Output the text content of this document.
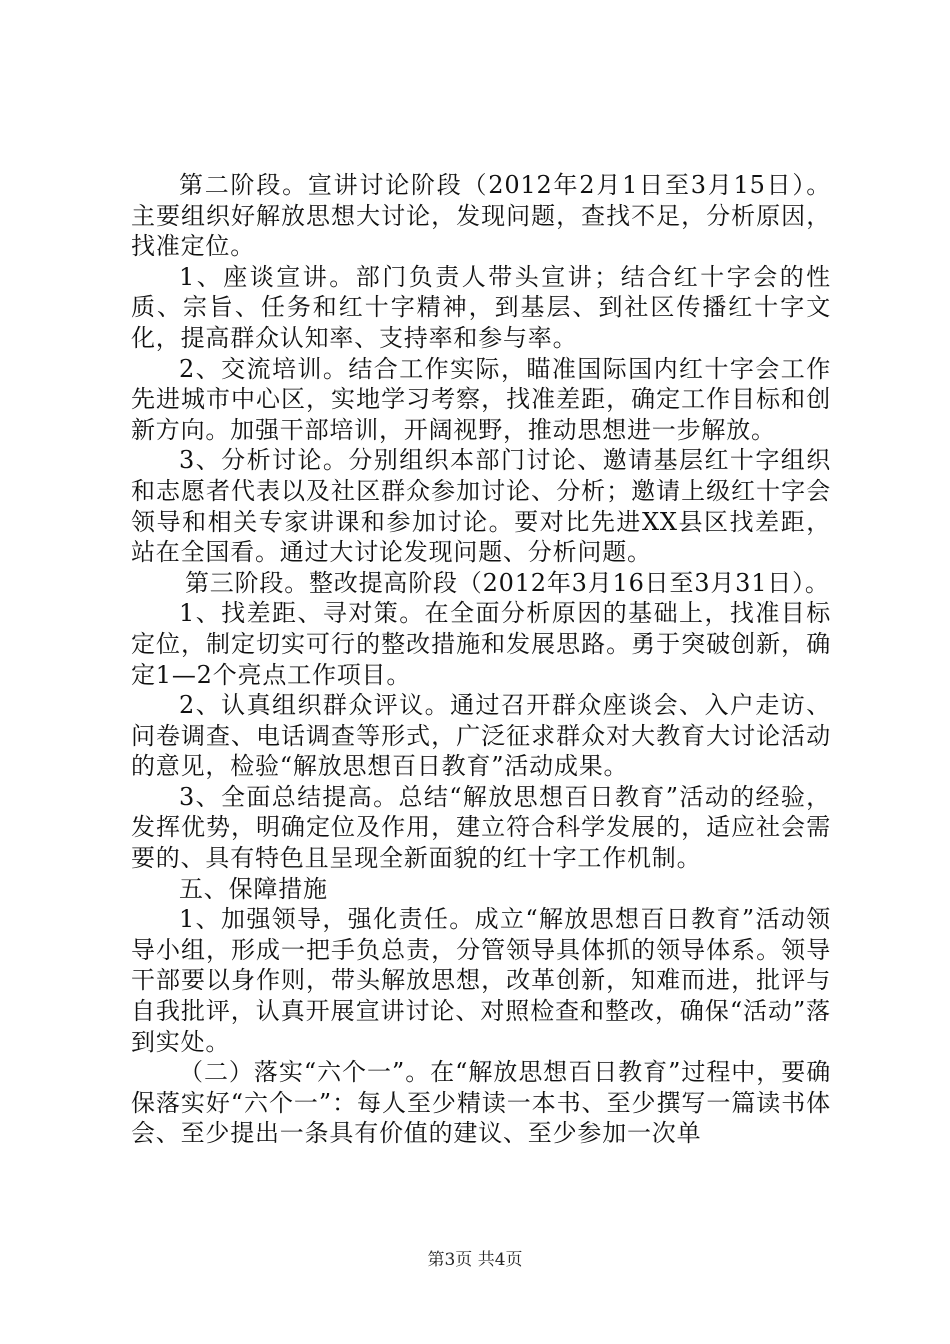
第二阶段。宣讲讨论阶段（2012年2月1日至3月15日）。主要组织好解放思想大讨论，发现问题，查找不足，分析原因，找准定位。

1、座谈宣讲。部门负责人带头宣讲；结合红十字会的性质、宗旨、任务和红十字精神，到基层、到社区传播红十字文化，提高群众认知率、支持率和参与率。

2、交流培训。结合工作实际，瞄准国际国内红十字会工作先进城市中心区，实地学习考察，找准差距，确定工作目标和创新方向。加强干部培训，开阔视野，推动思想进一步解放。

3、分析讨论。分别组织本部门讨论、邀请基层红十字组织和志愿者代表以及社区群众参加讨论、分析；邀请上级红十字会领导和相关专家讲课和参加讨论。要对比先进XX县区找差距，站在全国看。通过大讨论发现问题、分析问题。

第三阶段。整改提高阶段（2012年3月16日至3月31日）。

1、找差距、寻对策。在全面分析原因的基础上，找准目标定位，制定切实可行的整改措施和发展思路。勇于突破创新，确定1—2个亮点工作项目。

2、认真组织群众评议。通过召开群众座谈会、入户走访、问卷调查、电话调查等形式，广泛征求群众对大教育大讨论活动的意见，检验“解放思想百日教育”活动成果。

3、全面总结提高。总结“解放思想百日教育”活动的经验，发挥优势，明确定位及作用，建立符合科学发展的，适应社会需要的、具有特色且呈现全新面貌的红十字工作机制。

五、保障措施

1、加强领导，强化责任。成立“解放思想百日教育”活动领导小组，形成一把手负总责，分管领导具体抓的领导体系。领导干部要以身作则，带头解放思想，改革创新，知难而进，批评与自我批评，认真开展宣讲讨论、对照检查和整改，确保“活动”落到实处。

（二）落实“六个一”。在“解放思想百日教育”过程中，要确保落实好“六个一”：每人至少精读一本书、至少撰写一篇读书体会、至少提出一条具有价值的建议、至少参加一次单

第3页 共4页
